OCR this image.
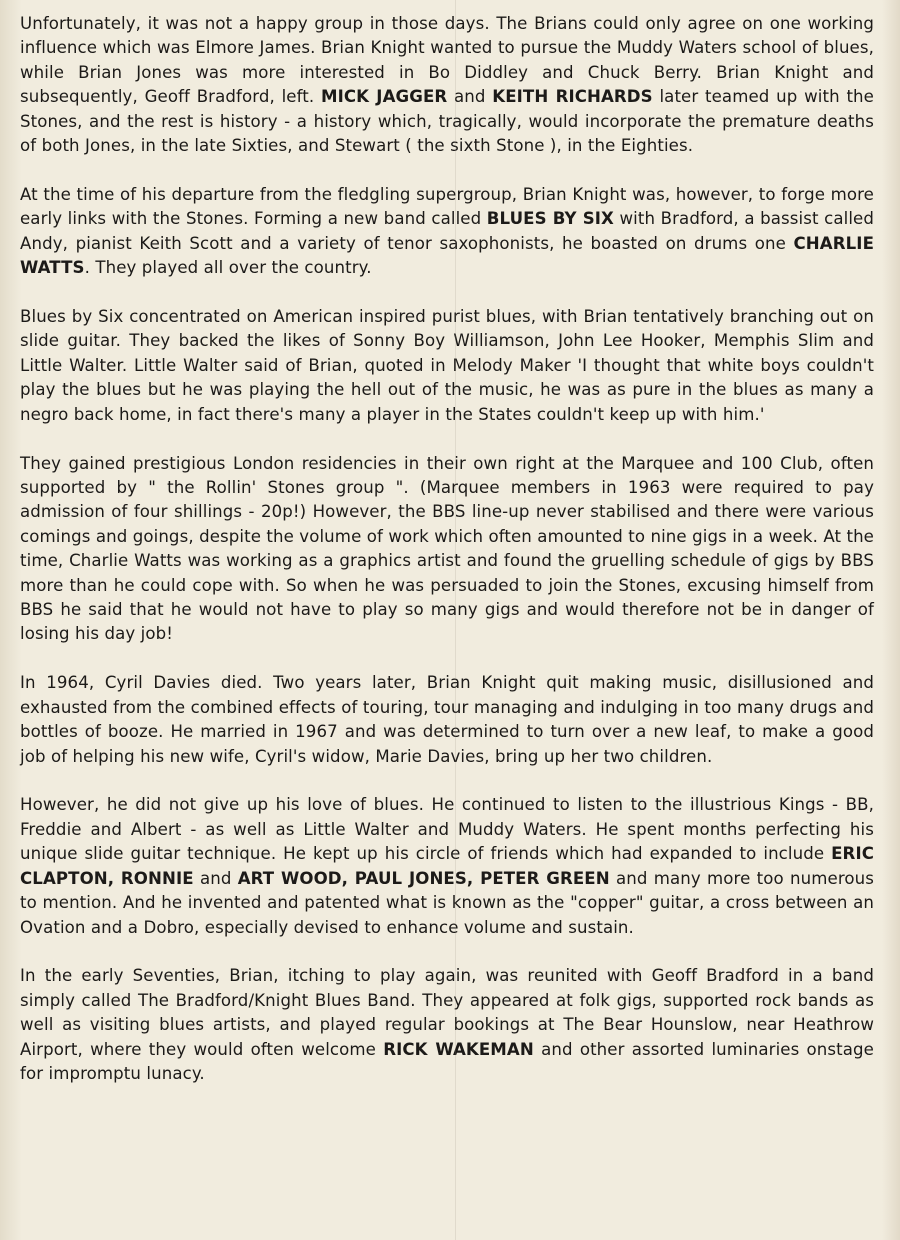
Unfortunately, it was not a happy group in those days. The Brians could only agree on one working influence which was Elmore James. Brian Knight wanted to pursue the Muddy Waters school of blues, while Brian Jones was more interested in Bo Diddley and Chuck Berry. Brian Knight and subsequently, Geoff Bradford, left. MICK JAGGER and KEITH RICHARDS later teamed up with the Stones, and the rest is history - a history which, tragically, would incorporate the premature deaths of both Jones, in the late Sixties, and Stewart ( the sixth Stone ), in the Eighties.

At the time of his departure from the fledgling supergroup, Brian Knight was, however, to forge more early links with the Stones. Forming a new band called BLUES BY SIX with Bradford, a bassist called Andy, pianist Keith Scott and a variety of tenor saxophonists, he boasted on drums one CHARLIE WATTS. They played all over the country.

Blues by Six concentrated on American inspired purist blues, with Brian tentatively branching out on slide guitar. They backed the likes of Sonny Boy Williamson, John Lee Hooker, Memphis Slim and Little Walter. Little Walter said of Brian, quoted in Melody Maker 'I thought that white boys couldn't play the blues but he was playing the hell out of the music, he was as pure in the blues as many a negro back home, in fact there's many a player in the States couldn't keep up with him.'

They gained prestigious London residencies in their own right at the Marquee and 100 Club, often supported by " the Rollin' Stones group ". (Marquee members in 1963 were required to pay admission of four shillings - 20p!) However, the BBS line-up never stabilised and there were various comings and goings, despite the volume of work which often amounted to nine gigs in a week. At the time, Charlie Watts was working as a graphics artist and found the gruelling schedule of gigs by BBS more than he could cope with. So when he was persuaded to join the Stones, excusing himself from BBS he said that he would not have to play so many gigs and would therefore not be in danger of losing his day job!

In 1964, Cyril Davies died. Two years later, Brian Knight quit making music, disillusioned and exhausted from the combined effects of touring, tour managing and indulging in too many drugs and bottles of booze. He married in 1967 and was determined to turn over a new leaf, to make a good job of helping his new wife, Cyril's widow, Marie Davies, bring up her two children.

However, he did not give up his love of blues. He continued to listen to the illustrious Kings - BB, Freddie and Albert - as well as Little Walter and Muddy Waters. He spent months perfecting his unique slide guitar technique. He kept up his circle of friends which had expanded to include ERIC CLAPTON, RONNIE and ART WOOD, PAUL JONES, PETER GREEN and many more too numerous to mention. And he invented and patented what is known as the "copper" guitar, a cross between an Ovation and a Dobro, especially devised to enhance volume and sustain.

In the early Seventies, Brian, itching to play again, was reunited with Geoff Bradford in a band simply called The Bradford/Knight Blues Band. They appeared at folk gigs, supported rock bands as well as visiting blues artists, and played regular bookings at The Bear Hounslow, near Heathrow Airport, where they would often welcome RICK WAKEMAN and other assorted luminaries onstage for impromptu lunacy.
